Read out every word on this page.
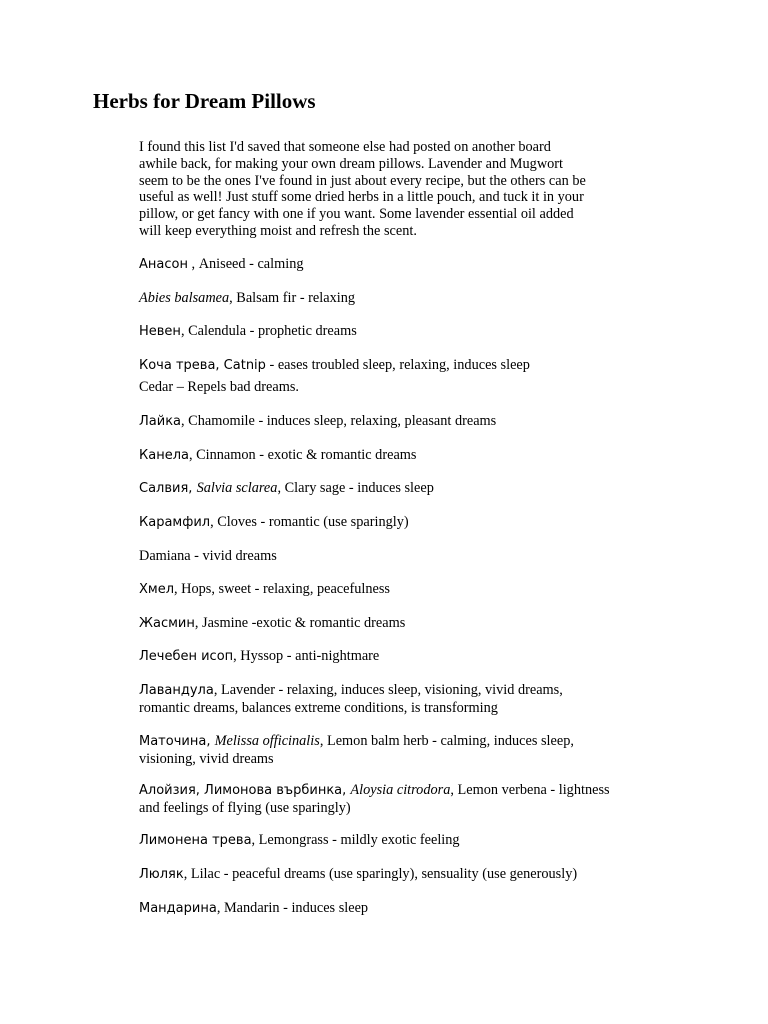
Herbs for Dream Pillows
I found this list I'd saved that someone else had posted on another board
awhile back, for making your own dream pillows. Lavender and Mugwort
seem to be the ones I've found in just about every recipe, but the others can be
useful as well! Just stuff some dried herbs in a little pouch, and tuck it in your
pillow, or get fancy with one if you want. Some lavender essential oil added
will keep everything moist and refresh the scent.
Анасон , Aniseed - calming
Abies balsamea, Balsam fir - relaxing
Невен, Calendula - prophetic dreams
Коча трева, Catnip - eases troubled sleep, relaxing, induces sleep
Cedar – Repels bad dreams.
Лайка, Chamomile - induces sleep, relaxing, pleasant dreams
Канела, Cinnamon - exotic & romantic dreams
Салвия, Salvia sclarea, Clary sage - induces sleep
Карамфил, Cloves - romantic (use sparingly)
Damiana - vivid dreams
Хмел, Hops, sweet - relaxing, peacefulness
Жасмин, Jasmine -exotic & romantic dreams
Лечебен исоп, Hyssop - anti-nightmare
Лавандула, Lavender - relaxing, induces sleep, visioning, vivid dreams,
romantic dreams, balances extreme conditions, is transforming
Маточина, Melissa officinalis, Lemon balm herb - calming, induces sleep,
visioning, vivid dreams
Алойзия, Лимонова върбинка, Aloysia citrodora, Lemon verbena - lightness
and feelings of flying (use sparingly)
Лимонена трева, Lemongrass - mildly exotic feeling
Люляк, Lilac - peaceful dreams (use sparingly), sensuality (use generously)
Мандарина, Mandarin - induces sleep
